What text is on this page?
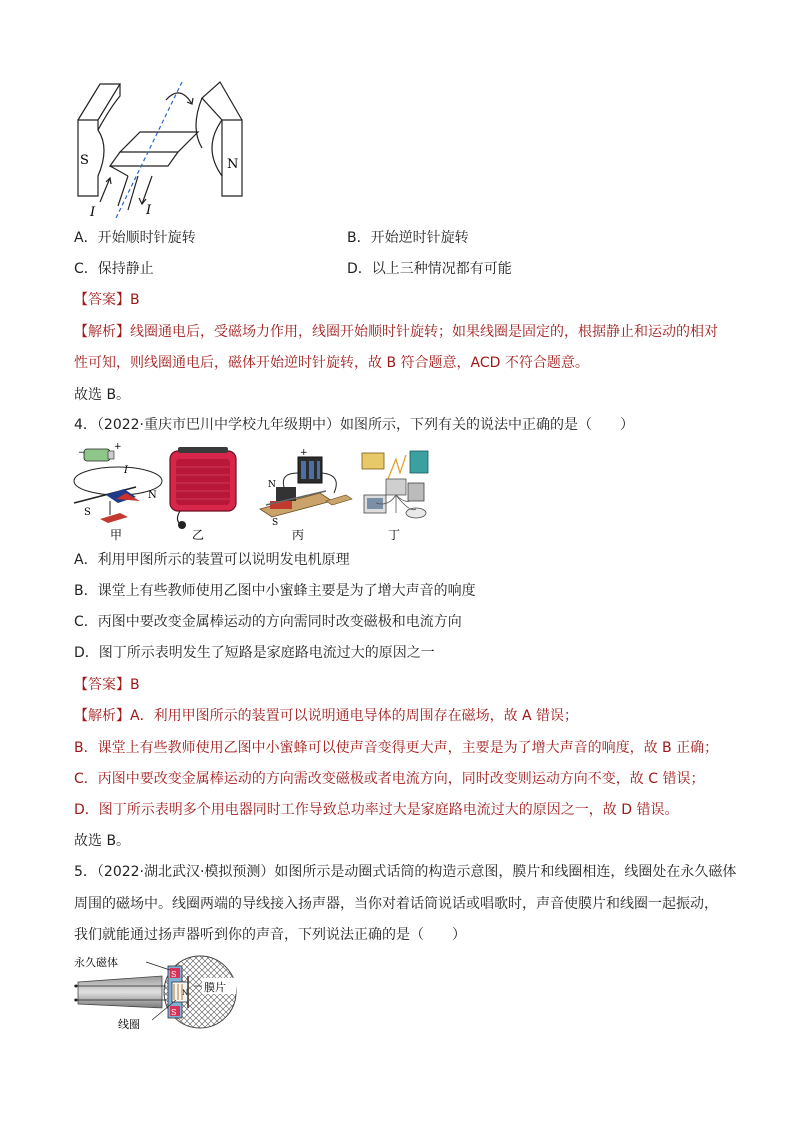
S	N
I	I
A．开始顺时针旋转	B．开始逆时针旋转
C．保持静止	D．以上三种情况都有可能
【答案】B
【解析】线圈通电后，受磁场力作用，线圈开始顺时针旋转；如果线圈是固定的，根据静止和运动的相对
性可知，则线圈通电后，磁体开始逆时针旋转，故 B 符合题意，ACD 不符合题意。
故选 B。
4．（2022·重庆市巴川中学校九年级期中）如图所示，下列有关的说法中正确的是（　　）
−
+
I
N
S
甲	乙
+
N
S
丙	丁
A．利用甲图所示的装置可以说明发电机原理
B．课堂上有些教师使用乙图中小蜜蜂主要是为了增大声音的响度
C．丙图中要改变金属棒运动的方向需同时改变磁极和电流方向
D．图丁所示表明发生了短路是家庭路电流过大的原因之一
【答案】B
【解析】A．利用甲图所示的装置可以说明通电导体的周围存在磁场，故 A 错误；
B．课堂上有些教师使用乙图中小蜜蜂可以使声音变得更大声，主要是为了增大声音的响度，故 B 正确；
C．丙图中要改变金属棒运动的方向需改变磁极或者电流方向，同时改变则运动方向不变，故 C 错误；
D．图丁所示表明多个用电器同时工作导致总功率过大是家庭路电流过大的原因之一，故 D 错误。
故选 B。
5．（2022·湖北武汉·模拟预测）如图所示是动圈式话筒的构造示意图，膜片和线圈相连，线圈处在永久磁体
周围的磁场中。线圈两端的导线接入扬声器，当你对着话筒说话或唱歌时，声音使膜片和线圈一起振动，
我们就能通过扬声器听到你的声音，下列说法正确的是（　　）
S
N
S
永久磁体
膜片
线圈
